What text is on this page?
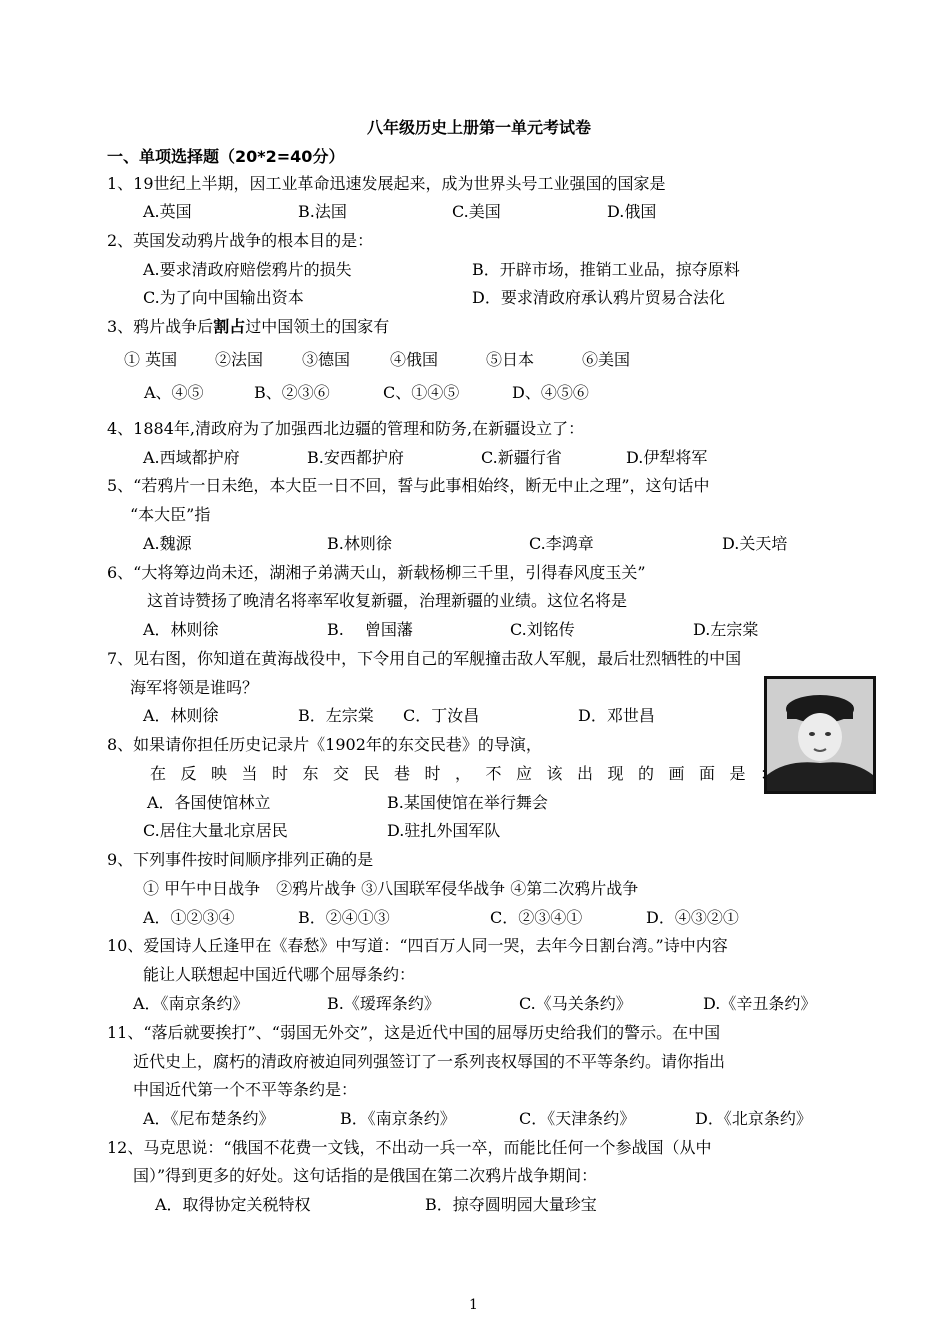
八年级历史上册第一单元考试卷
一、单项选择题（20*2=40分）
1、19世纪上半期，因工业革命迅速发展起来，成为世界头号工业强国的国家是
A.英国	B.法国	C.美国	D.俄国
2、英国发动鸦片战争的根本目的是：
A.要求清政府赔偿鸦片的损失	B．开辟市场，推销工业品，掠夺原料
C.为了向中国输出资本	D．要求清政府承认鸦片贸易合法化
3、鸦片战争后割占过中国领土的国家有
① 英国 ②法国 ③德国 ④俄国	⑤日本	⑥美国
A、④⑤	B、②③⑥	C、①④⑤	D、④⑤⑥
4、1884年,清政府为了加强西北边疆的管理和防务,在新疆设立了：
A.西域都护府	B.安西都护府	C.新疆行省	D.伊犁将军
5、“若鸦片一日未绝，本大臣一日不回，誓与此事相始终，断无中止之理”，这句话中
“本大臣”指
A.魏源	B.林则徐	C.李鸿章	D.关天培
6、“大将筹边尚未还，湖湘子弟满天山，新载杨柳三千里，引得春风度玉关”
这首诗赞扬了晚清名将率军收复新疆，治理新疆的业绩。这位名将是
A．林则徐	B.　 曾国藩	C.刘铭传	D.左宗棠
7、见右图，你知道在黄海战役中，下令用自己的军舰撞击敌人军舰，最后壮烈牺牲的中国
海军将领是谁吗？
A．林则徐	B．左宗棠 C．丁汝昌	D．邓世昌
8、如果请你担任历史记录片《1902年的东交民巷》的导演，
在反映当时东交民巷时，不应该出现的画面是：
A．各国使馆林立	B.某国使馆在举行舞会
C.居住大量北京居民	D.驻扎外国军队
9、下列事件按时间顺序排列正确的是
① 甲午中日战争　②鸦片战争 ③八国联军侵华战争 ④第二次鸦片战争
A．①②③④	B．②④①③	C．②③④①	D．④③②①
10、爱国诗人丘逢甲在《春愁》中写道：“四百万人同一哭，去年今日割台湾。”诗中内容
能让人联想起中国近代哪个屈辱条约：
A．《南京条约》	B.《瑷珲条约》	C.《马关条约》	D.《辛丑条约》
11、“落后就要挨打”、“弱国无外交”，这是近代中国的屈辱历史给我们的警示。在中国
近代史上，腐朽的清政府被迫同列强签订了一系列丧权辱国的不平等条约。请你指出
中国近代第一个不平等条约是：
A．《尼布楚条约》	B．《南京条约》	C．《天津条约》	D．《北京条约》
12、马克思说：“俄国不花费一文钱，不出动一兵一卒，而能比任何一个参战国（从中
国）”得到更多的好处。这句话指的是俄国在第二次鸦片战争期间：
A．取得协定关税特权	B．掠夺圆明园大量珍宝
1
